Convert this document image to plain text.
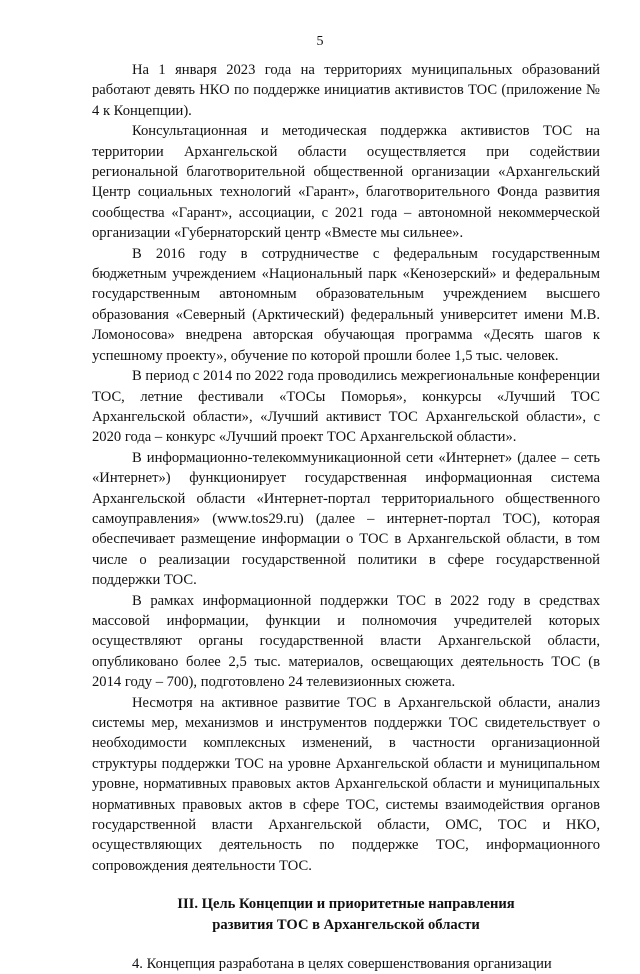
5

На 1 января 2023 года на территориях муниципальных образований работают девять НКО по поддержке инициатив активистов ТОС (приложение № 4 к Концепции).

Консультационная и методическая поддержка активистов ТОС на территории Архангельской области осуществляется при содействии региональной благотворительной общественной организации «Архангельский Центр социальных технологий «Гарант», благотворительного Фонда развития сообщества «Гарант», ассоциации, с 2021 года – автономной некоммерческой организации «Губернаторский центр «Вместе мы сильнее».

В 2016 году в сотрудничестве с федеральным государственным бюджетным учреждением «Национальный парк «Кенозерский» и федеральным государственным автономным образовательным учреждением высшего образования «Северный (Арктический) федеральный университет имени М.В. Ломоносова» внедрена авторская обучающая программа «Десять шагов к успешному проекту», обучение по которой прошли более 1,5 тыс. человек.

В период с 2014 по 2022 года проводились межрегиональные конференции ТОС, летние фестивали «ТОСы Поморья», конкурсы «Лучший ТОС Архангельской области», «Лучший активист ТОС Архангельской области», с 2020 года – конкурс «Лучший проект ТОС Архангельской области».

В информационно-телекоммуникационной сети «Интернет» (далее – сеть «Интернет») функционирует государственная информационная система Архангельской области «Интернет-портал территориального общественного самоуправления» (www.tos29.ru) (далее – интернет-портал ТОС), которая обеспечивает размещение информации о ТОС в Архангельской области, в том числе о реализации государственной политики в сфере государственной поддержки ТОС.

В рамках информационной поддержки ТОС в 2022 году в средствах массовой информации, функции и полномочия учредителей которых осуществляют органы государственной власти Архангельской области, опубликовано более 2,5 тыс. материалов, освещающих деятельность ТОС (в 2014 году – 700), подготовлено 24 телевизионных сюжета.

Несмотря на активное развитие ТОС в Архангельской области, анализ системы мер, механизмов и инструментов поддержки ТОС свидетельствует о необходимости комплексных изменений, в частности организационной структуры поддержки ТОС на уровне Архангельской области и муниципальном уровне, нормативных правовых актов Архангельской области и муниципальных нормативных правовых актов в сфере ТОС, системы взаимодействия органов государственной власти Архангельской области, ОМС, ТОС и НКО, осуществляющих деятельность по поддержке ТОС, информационного сопровождения деятельности ТОС.

III. Цель Концепции и приоритетные направления
развития ТОС в Архангельской области

4. Концепция разработана в целях совершенствования организации
